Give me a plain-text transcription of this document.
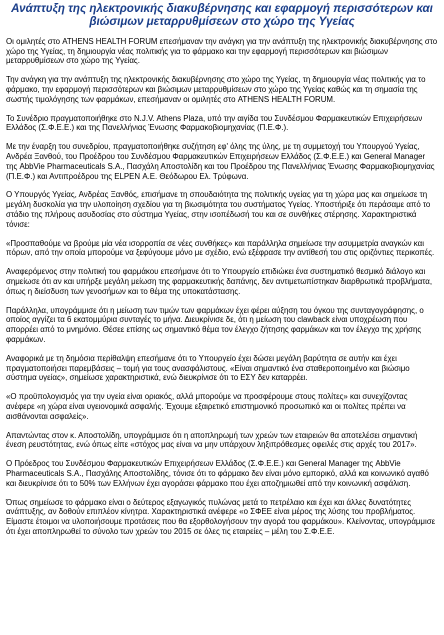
Ανάπτυξη της ηλεκτρονικής διακυβέρνησης και εφαρμογή περισσότερων και βιώσιμων μεταρρυθμίσεων στο χώρο της Υγείας

Οι ομιλητές στο ATHENS HEALTH FORUM επεσήμαναν την ανάγκη για την ανάπτυξη της ηλεκτρονικής διακυβέρνησης στο χώρο της Υγείας, τη δημιουργία νέας πολιτικής για το φάρμακο και την εφαρμογή περισσότερων και βιώσιμων μεταρρυθμίσεων στο χώρο της Υγείας.

Την ανάγκη για την ανάπτυξη της ηλεκτρονικής διακυβέρνησης στο χώρο της Υγείας, τη δημιουργία νέας πολιτικής για το φάρμακο, την εφαρμογή περισσότερων και βιώσιμων μεταρρυθμίσεων στο χώρο της Υγείας καθώς και τη σημασία της σωστής τιμολόγησης των φαρμάκων, επεσήμαναν οι ομιλητές στο ATHENS HEALTH FORUM.

Το Συνέδριο πραγματοποιήθηκε στο N.J.V. Athens Plaza, υπό την αιγίδα του Συνδέσμου Φαρμακευτικών Επιχειρήσεων Ελλάδος (Σ.Φ.Ε.Ε.) και της Πανελλήνιας Ένωσης Φαρμακοβιομηχανίας (Π.Ε.Φ.).

Με την έναρξη του συνεδρίου, πραγματοποιήθηκε συζήτηση εφ' όλης της ύλης, με τη συμμετοχή του Υπουργού Υγείας, Ανδρέα Ξανθού, του Προέδρου του Συνδέσμου Φαρμακευτικών Επιχειρήσεων Ελλάδος (Σ.Φ.Ε.Ε.) και General Manager της AbbVie Pharmaceuticals S.A., Πασχάλη Αποστολίδη και του Προέδρου της Πανελλήνιας Ένωσης Φαρμακοβιομηχανίας (Π.Ε.Φ.) και Αντιπροέδρου της ELPEN Α.Ε. Θεόδωρου Ελ. Τρύφωνα.

Ο Υπουργός Υγείας, Ανδρέας Ξανθός, επισήμανε τη σπουδαιότητα της πολιτικής υγείας για τη χώρα μας και σημείωσε τη μεγάλη δυσκολία για την υλοποίηση σχεδίου για τη βιωσιμότητα του συστήματος Υγείας. Υποστήριξε ότι περάσαμε από το στάδιο της πλήρους ασυδοσίας στο σύστημα Υγείας, στην ισοπέδωσή του και σε συνθήκες στέρησης. Χαρακτηριστικά τόνισε:

«Προσπαθούμε να βρούμε μία νέα ισορροπία σε νέες συνθήκες» και παράλληλα σημείωσε την ασυμμετρία αναγκών και πόρων, από την οποία μπορούμε να ξεφύγουμε μόνο με σχέδιο, ενώ εξέφρασε την αντίθεσή του στις οριζόντιες περικοπές.

Αναφερόμενος στην πολιτική του φαρμάκου επεσήμανε ότι το Υπουργείο επιδιώκει ένα συστηματικό θεσμικό διάλογο και σημείωσε ότι αν και υπήρξε μεγάλη μείωση της φαρμακευτικής δαπάνης, δεν αντιμετωπίστηκαν διαρθρωτικά προβλήματα, όπως η διείσδυση των γενοσήμων και το θέμα της υποκατάστασης.

Παράλληλα, υπογράμμισε ότι η μείωση των τιμών των φαρμάκων έχει φέρει αύξηση του όγκου της συνταγογράφησης, ο οποίος αγγίζει τα 6 εκατομμύρια συνταγές το μήνα. Διευκρίνισε δε, ότι η μείωση του clawback είναι υποχρέωση που απορρέει από το μνημόνιο. Θέσεε επίσης ως σημαντικό θέμα τον έλεγχο ζήτησης φαρμάκων και τον έλεγχο της χρήσης φαρμάκων.

Αναφορικά με τη δημόσια περίθαλψη επεσήμανε ότι το Υπουργείο έχει δώσει μεγάλη βαρύτητα σε αυτήν και έχει πραγματοποιήσει παρεμβάσεις – τομή για τους ανασφάλιστους. «Είναι σημαντικό ένα σταθεροποιημένο και βιώσιμο σύστημα υγείας», σημείωσε χαρακτηριστικά, ενώ διευκρίνισε ότι το ΕΣΥ δεν καταρρέει.

«Ο προϋπολογισμός για την υγεία είναι οριακός, αλλά μπορούμε να προσφέρουμε στους πολίτες» και συνεχίζοντας ανέφερε «η χώρα είναι υγειονομικά ασφαλής. Έχουμε εξαιρετικό επιστημονικό προσωπικό και οι πολίτες πρέπει να αισθάνονται ασφαλείς».

Απαντώντας στον κ. Αποστολίδη, υπογράμμισε ότι η αποπληρωμή των χρεών των εταιρειών θα αποτελέσει σημαντική ένεση ρευστότητας, ενώ όπως είπε «στόχος μας είναι να μην υπάρχουν ληξιπρόθεσμες οφειλές στις αρχές του 2017».

Ο Πρόεδρος του Συνδέσμου Φαρμακευτικών Επιχειρήσεων Ελλάδος (Σ.Φ.Ε.Ε.) και General Manager της AbbVie Pharmaceuticals S.A., Πασχάλης Αποστολίδης, τόνισε ότι το φάρμακο δεν είναι μόνο εμπορικό, αλλά και κοινωνικό αγαθό και διευκρίνισε ότι το 50% των Ελλήνων έχει αγοράσει φάρμακο που έχει αποζημιωθεί από την κοινωνική ασφάλιση.

Όπως σημείωσε το φάρμακο είναι ο δεύτερος εξαγωγικός πυλώνας μετά το πετρέλαιο και έχει και άλλες δυνατότητες ανάπτυξης, αν δοθούν επιπλέον κίνητρα. Χαρακτηριστικά ανέφερε «ο ΣΦΕΕ είναι μέρος της λύσης του προβλήματος. Είμαστε έτοιμοι να υλοποιήσουμε προτάσεις που θα εξορθολογήσουν την αγορά του φαρμάκου». Κλείνοντας, υπογράμμισε ότι έχει αποπληρωθεί το σύνολο των χρεών του 2015 σε όλες τις εταιρείες – μέλη του Σ.Φ.Ε.Ε.
